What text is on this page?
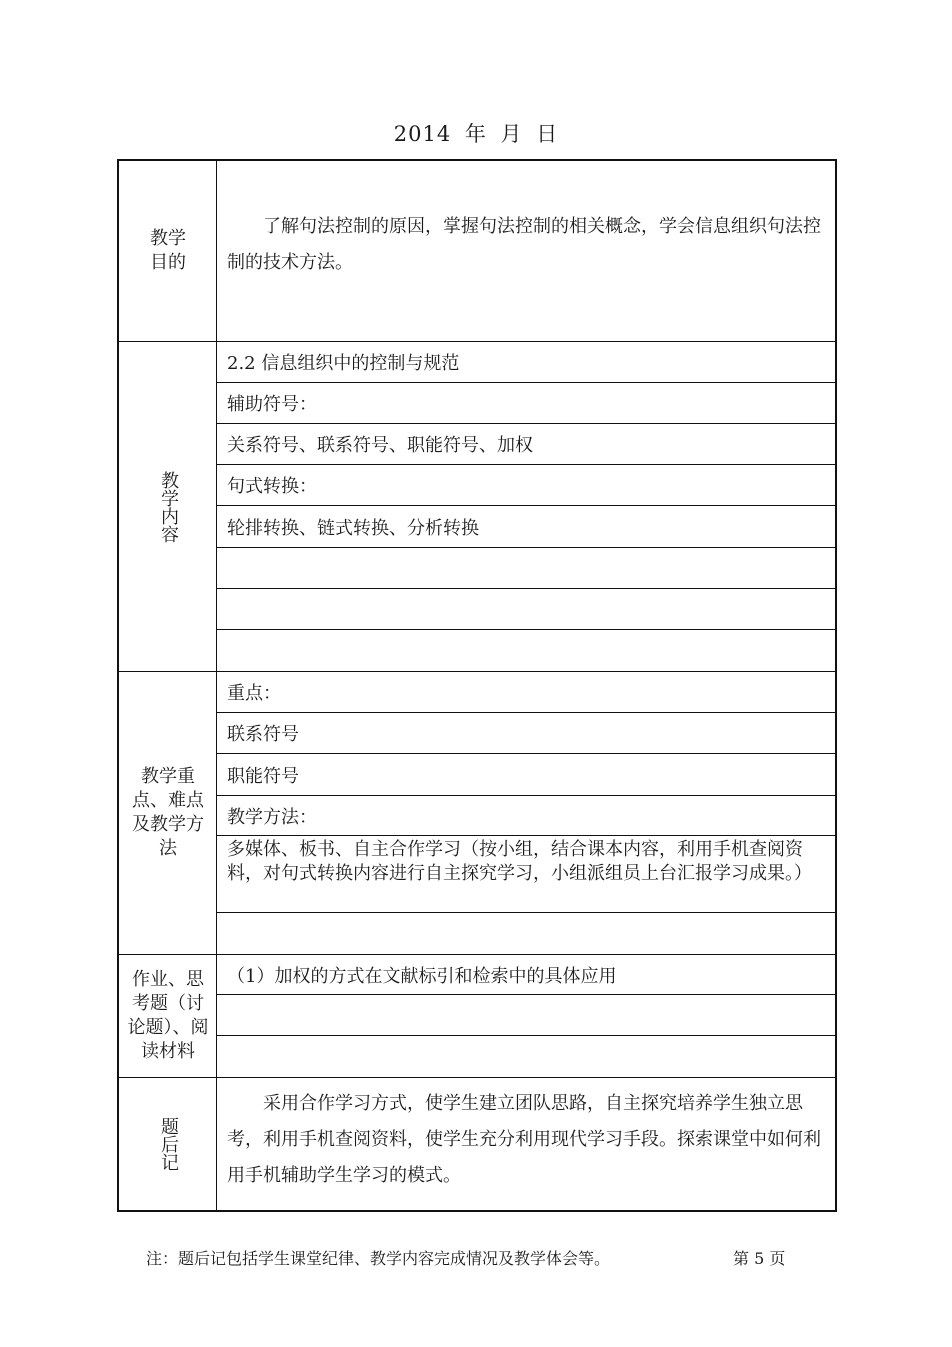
2014 年 月 日
教学
目的
了解句法控制的原因，掌握句法控制的相关概念，学会信息组织句法控制的技术方法。
教学内容
2.2 信息组织中的控制与规范
辅助符号：
关系符号、联系符号、职能符号、加权
句式转换：
轮排转换、链式转换、分析转换
教学重
点、难点
及教学方
法
重点：
联系符号
职能符号
教学方法：
多媒体、板书、自主合作学习（按小组，结合课本内容，利用手机查阅资料，对句式转换内容进行自主探究学习，小组派组员上台汇报学习成果。）
作业、思
考题（讨
论题）、阅
读材料
（1）加权的方式在文献标引和检索中的具体应用
题后记
采用合作学习方式，使学生建立团队思路，自主探究培养学生独立思考，利用手机查阅资料，使学生充分利用现代学习手段。探索课堂中如何利用手机辅助学生学习的模式。
注：题后记包括学生课堂纪律、教学内容完成情况及教学体会等。	第 5 页
